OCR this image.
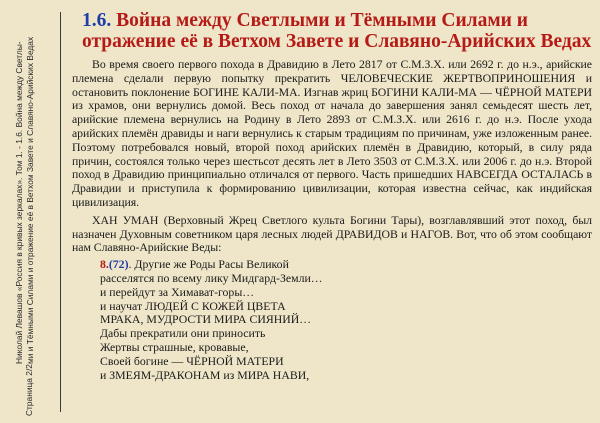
Страница 2/2
Николай Левашов «Россия в кривых зеркалах». Том 1. - 1.6. Война между Светлы- ми и Тёмными Силами и отражение её в Ветхом Завете и Славяно-Арийских Ведах
1.6. Война между Светлыми и Тёмными Силами и отражение её в Ветхом Завете и Славяно-Арийских Ведах

Во время своего первого похода в Дравидию в Лето 2817 от С.М.З.Х. или 2692 г. до н.э., арийские племена сделали первую попытку прекратить ЧЕЛОВЕЧЕСКИЕ ЖЕРТВОПРИНОШЕНИЯ и остановить поклонение БОГИНЕ КАЛИ-МА. Изгнав жриц БОГИНИ КАЛИ-МА — ЧЁРНОЙ МАТЕРИ из храмов, они вернулись домой. Весь поход от начала до завершения занял семьдесят шесть лет, арийские племена вернулись на Родину в Лето 2893 от С.М.З.Х. или 2616 г. до н.э. После ухода арийских племён дравиды и наги вернулись к старым традициям по причинам, уже изложенным ранее. Поэтому потребовался новый, второй поход арийских племён в Дравидию, который, в силу ряда причин, состоялся только через шестьсот десять лет в Лето 3503 от С.М.З.Х. или 2006 г. до н.э. Второй поход в Дравидию принципиально отличался от первого. Часть пришедших НАВСЕГДА ОСТАЛАСЬ в Дравидии и приступила к формированию цивилизации, которая известна сейчас, как индийская цивилизация.

ХАН УМАН (Верховный Жрец Светлого культа Богини Тары), возглавлявший этот поход, был назначен Духовным советником царя лесных людей ДРАВИДОВ и НАГОВ. Вот, что об этом сообщают нам Славяно-Арийские Веды:

8.(72). Другие же Роды Расы Великой
расселятся по всему лику Мидгард-Земли…
и перейдут за Химават-горы…
и научат ЛЮДЕЙ С КОЖЕЙ ЦВЕТА
МРАКА, МУДРОСТИ МИРА СИЯНИЙ…
Дабы прекратили они приносить
Жертвы страшные, кровавые,
Своей богине — ЧЁРНОЙ МАТЕРИ
и ЗМЕЯМ-ДРАКОНАМ из МИРА НАВИ,
